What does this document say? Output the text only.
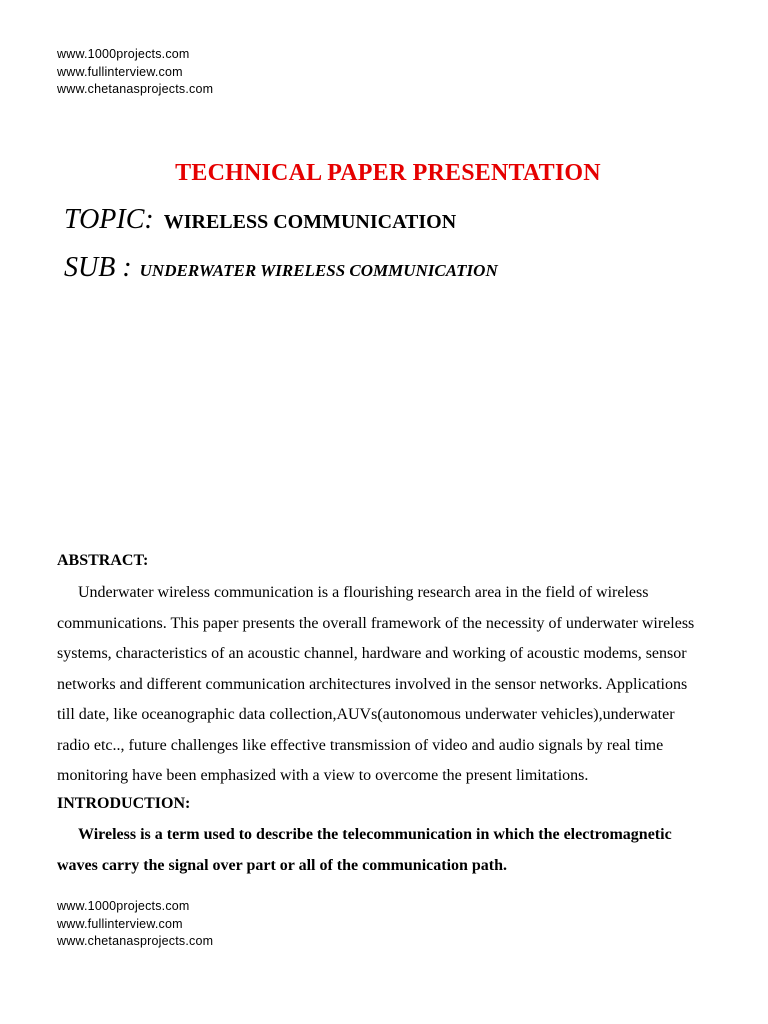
www.1000projects.com
www.fullinterview.com
www.chetanasprojects.com
TECHNICAL PAPER PRESENTATION
TOPIC: WIRELESS COMMUNICATION
SUB : UNDERWATER WIRELESS COMMUNICATION
ABSTRACT:
Underwater wireless communication is a flourishing research area in the field of wireless
communications. This paper presents the overall framework of the necessity of underwater wireless
systems, characteristics of an acoustic channel, hardware and working of acoustic modems, sensor
networks and different communication architectures involved in the sensor networks. Applications
till date, like oceanographic data collection,AUVs(autonomous underwater vehicles),underwater
radio etc.., future challenges like effective transmission of video and audio signals by real time
monitoring have been emphasized with a view to overcome the present limitations.
INTRODUCTION:
Wireless is a term used to describe the telecommunication in which the electromagnetic
waves carry the signal over part or all of the communication path.
www.1000projects.com
www.fullinterview.com
www.chetanasprojects.com
